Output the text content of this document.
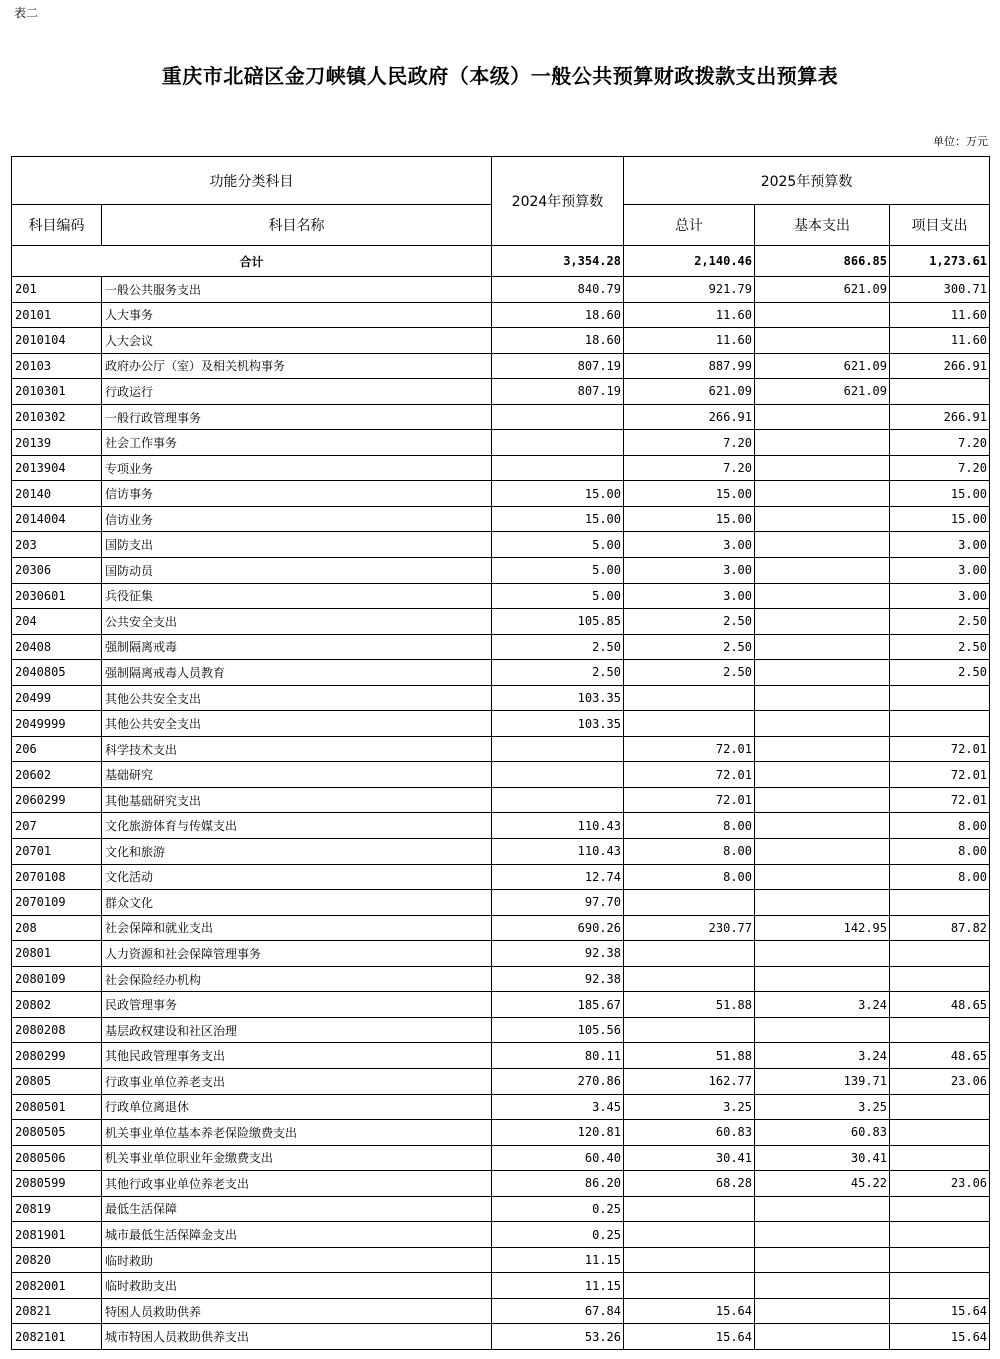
表二
重庆市北碚区金刀峡镇人民政府（本级）一般公共预算财政拨款支出预算表
单位：万元
功能分类科目		2024年预算数	2025年预算数		
科目编码	科目名称		总计	基本支出	项目支出
合计		3,354.28	2,140.46	866.85	1,273.61
201	一般公共服务支出	840.79	921.79	621.09	300.71
20101	人大事务	18.60	11.60		11.60
2010104	人大会议	18.60	11.60		11.60
20103	政府办公厅（室）及相关机构事务	807.19	887.99	621.09	266.91
2010301	行政运行	807.19	621.09	621.09	
2010302	一般行政管理事务		266.91		266.91
20139	社会工作事务		7.20		7.20
2013904	专项业务		7.20		7.20
20140	信访事务	15.00	15.00		15.00
2014004	信访业务	15.00	15.00		15.00
203	国防支出	5.00	3.00		3.00
20306	国防动员	5.00	3.00		3.00
2030601	兵役征集	5.00	3.00		3.00
204	公共安全支出	105.85	2.50		2.50
20408	强制隔离戒毒	2.50	2.50		2.50
2040805	强制隔离戒毒人员教育	2.50	2.50		2.50
20499	其他公共安全支出	103.35			
2049999	其他公共安全支出	103.35			
206	科学技术支出		72.01		72.01
20602	基础研究		72.01		72.01
2060299	其他基础研究支出		72.01		72.01
207	文化旅游体育与传媒支出	110.43	8.00		8.00
20701	文化和旅游	110.43	8.00		8.00
2070108	文化活动	12.74	8.00		8.00
2070109	群众文化	97.70			
208	社会保障和就业支出	690.26	230.77	142.95	87.82
20801	人力资源和社会保障管理事务	92.38			
2080109	社会保险经办机构	92.38			
20802	民政管理事务	185.67	51.88	3.24	48.65
2080208	基层政权建设和社区治理	105.56			
2080299	其他民政管理事务支出	80.11	51.88	3.24	48.65
20805	行政事业单位养老支出	270.86	162.77	139.71	23.06
2080501	行政单位离退休	3.45	3.25	3.25	
2080505	机关事业单位基本养老保险缴费支出	120.81	60.83	60.83	
2080506	机关事业单位职业年金缴费支出	60.40	30.41	30.41	
2080599	其他行政事业单位养老支出	86.20	68.28	45.22	23.06
20819	最低生活保障	0.25			
2081901	城市最低生活保障金支出	0.25			
20820	临时救助	11.15			
2082001	临时救助支出	11.15			
20821	特困人员救助供养	67.84	15.64		15.64
2082101	城市特困人员救助供养支出	53.26	15.64		15.64
